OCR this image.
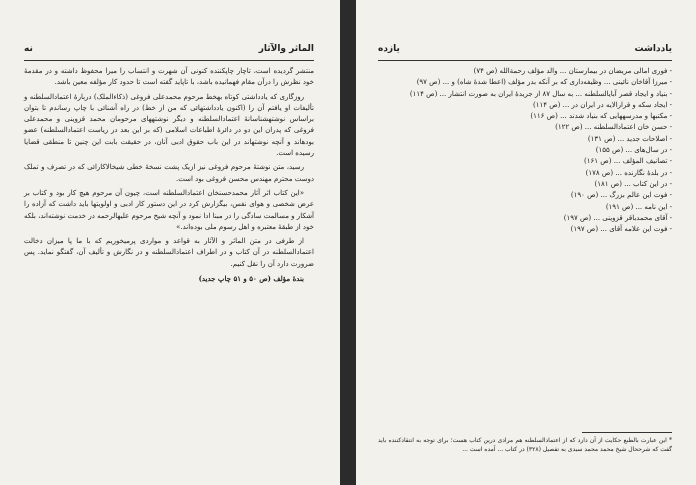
الماثر والآثار
نه

منتشر گردیده است، تاچار چاپکننده کنونی آن شهرت و انتساب را میرا محفوظ داشته و در مقدمهٔ خود نظرش را درآن مقام فهمانیده باشد، با تاپاید گفته است تا حدود کار مؤلفه معین باشد.

روزگاری که یادداشتی کوتاه بهخط مرحوم محمدعلی فروغی (ذکاءالملک) دربارهٔ اعتمادالسلطنه و تألیفات او یافتم آن را (اکنون یادداشتهائی که من از خط) در راه آشنائی با چاپ رساندم تا بتوان براساس نوشتهشناسانهٔ اعتمادالسلطنه و دیگر نوشتههای مرحومان محمد قزوینی و محمدعلی فروغی که پدران این دو در دائرهٔ اطباعات اسلامی (که بر این بعد در ریاست اعتمادالسلطنه) عضو بودهاند و آنچه نوشتهاند در این باب حقوق ادبی آنان، در حقیقت بابت این چنین تا منطقی قضایا رسیده است.

رسید، متن نوشتهٔ مرحوم فروغی نیز ازیک پشت نسخهٔ خطی شیخالاکارائی که در تصرف و تملک دوست محترم مهندس محسن فروغی بود است.

«این کتاب اثر آثار محمدحسنخان اعتمادالسلطنه است، چیون آن مرحوم هیچ کار بود و کتاب بر عرض شخصی و هوای نفس، بیگزارش کرد در این دستور کار ادبی و اولویتها باید داشت که آزاده را آشکار و مسالمت سادگی را در مبنا ادا نمود و آنچه شیخ مرحوم علیهالرحمه در خدمت نوشته‌اند، بلکه خود از طبقهٔ معتبره و اهل رسوم ملی بوده‌اند.»

از طرفی در متن الماثر و الآثار به قواعد و مواردی پرمیخوریم که با ما پا میزان دخالت اعتمادالسلطنه در آن کتاب و در اطراف اعتمادالسلطنه و در نگارش و تألیف آن، گفتگو نماید. پس ضرورت دارد آن را نقل کنیم.

بندهٔ مؤلف (ص ۵۰ و ۵۱ چاپ جدید)

یادداشت
یازده

- فوری امالی مریضان در بیمارستان ... والد مؤلف رحمةالله (ص ۷۴)

- میرزا آقاخان نائینی ... وظیفه‌داری که بر آنکه بدر مؤلف (اعطا شدهٔ شاه) و ... (ص ۹۷)

- بنیاد و ایجاد قصر آبایالسلطنه ... به سال ۸۷ از جریدهٔ ایران به صورت انتشار ... (ص ۱۱۴)

- ایجاد سکه و قرارالایه در ایران در ... (ص ۱۱۴)

- مکتبها و مدرسههایی که بنیاد شدند ... (ص ۱۱۶)

- حسن خان اعتمادالسلطنه ... (ص ۱۲۲)

- اصلاحات جدید ... (ص ۱۳۱)

- در سال‌های ... (ص ۱۵۵)

- تصانیف المؤلف ... (ص ۱۶۱)

- در بلدهٔ نگارنده ... (ص ۱۷۸)

- در این کتاب ... (ص ۱۸۱)

- فوت این عالم بزرگ ... (ص ۱۹۰)

- این نامه ... (ص ۱۹۱)

- آقای محمدباقر قزوینی ... (ص ۱۹۷)

- فوت این علامه آقای ... (ص ۱۹۷)

* این عبارت بالطبع حکایت از آن دارد که از اعتمادالسلطنه هم مرادی درین کتاب هست؛ برای توجه به انتقادکننده باید گفت که شرححال شیخ محمد محمد سیدی به تفصیل (۳۲۸) در کتاب ... آمده است ...
